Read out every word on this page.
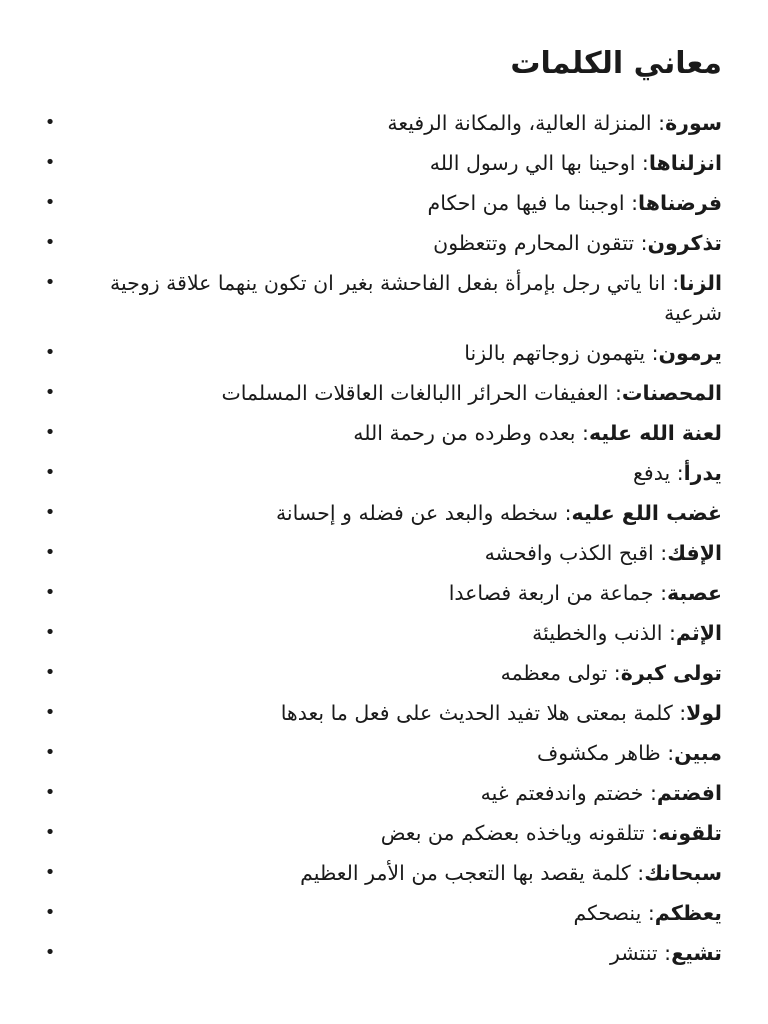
معاني الكلمات
•	سورة: المنزلة العالية، والمكانة الرفيعة
•	انزلناها: اوحينا بها الي رسول الله
•	فرضناها: اوجبنا ما فيها من احكام
•	تذكرون: تتقون المحارم وتتعظون
•	الزنا: انا ياتي رجل بإمرأة بفعل الفاحشة بغير ان تكون ينهما علاقة زوجية شرعية
•	يرمون: يتهمون زوجاتهم بالزنا
•	المحصنات: العفيفات الحرائر االبالغات العاقلات المسلمات
•	لعنة الله عليه: بعده وطرده من رحمة الله
•	يدرأ: يدفع
•	غضب اللع عليه: سخطه والبعد عن فضله و إحسانة
•	الإفك: اقبح الكذب وافحشه
•	عصبة: جماعة من اربعة فصاعدا
•	الإثم: الذنب والخطيئة
•	تولى كبرة: تولى معظمه
•	لولا: كلمة بمعتى هلا تفيد الحديث على فعل ما بعدها
•	مبين: ظاهر مكشوف
•	افضتم: خضتم واندفعتم غيه
•	تلقونه: تتلقونه وياخذه بعضكم من بعض
•	سبحانك: كلمة يقصد بها التعجب من الأمر العظيم
•	يعظكم: ينصحكم
•	تشيع: تنتشر
